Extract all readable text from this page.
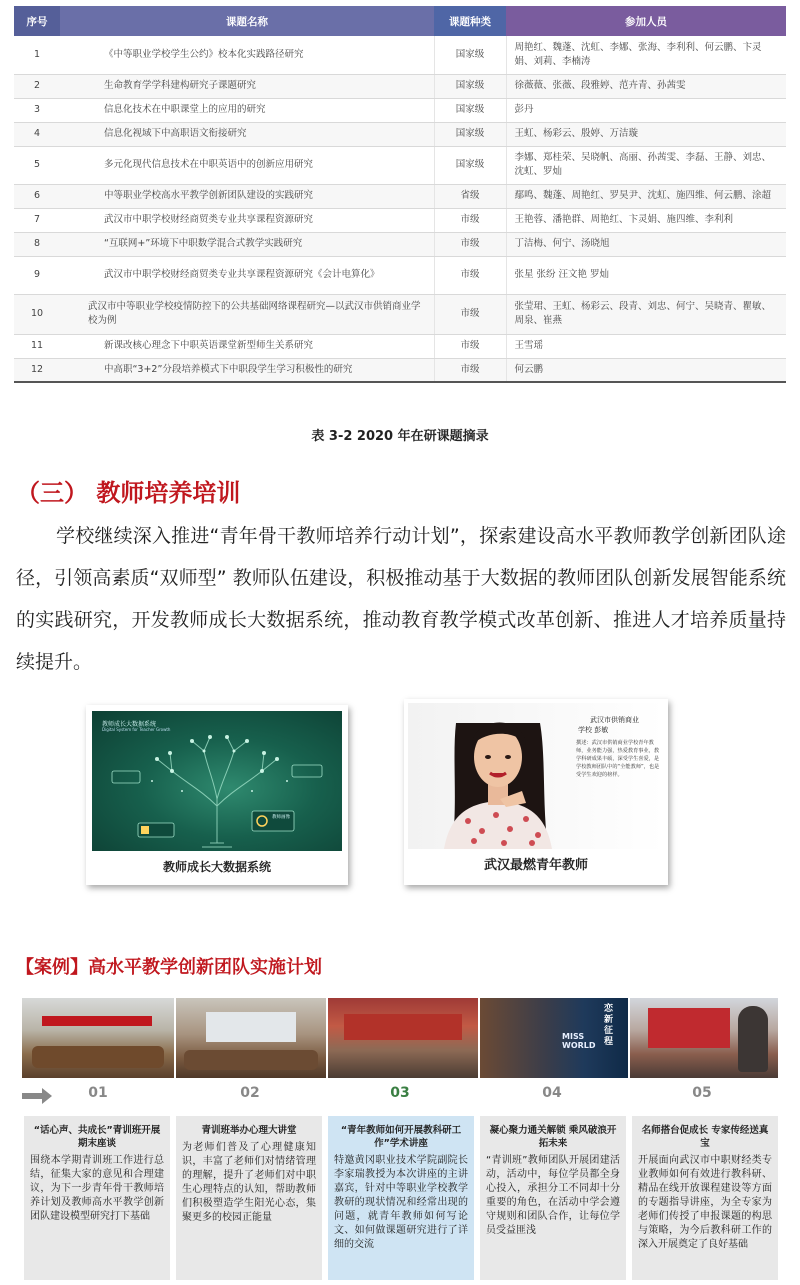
序号	课题名称	课题种类	参加人员
1	《中等职业学校学生公约》校本化实践路径研究	国家级	周艳红、魏蓬、沈虹、李娜、张海、李利利、何云鹏、卞灵娟、刘莉、李楠涛
2	生命教育学学科建构研究子课题研究	国家级	徐薇薇、张薇、段雅婷、范卉青、孙茜雯
3	信息化技术在中职课堂上的应用的研究	国家级	彭丹
4	信息化视域下中高职语文衔接研究	国家级	王虹、杨彩云、殷婷、万洁璇
5	多元化现代信息技术在中职英语中的创新应用研究	国家级	李娜、郑桂荣、吴晓帆、高丽、孙茜雯、李磊、王静、刘忠、沈虹、罗灿
6	中等职业学校高水平教学创新团队建设的实践研究	省级	鄢鸣、魏蓬、周艳红、罗昊尹、沈虹、施四维、何云鹏、涂超
7	武汉市中职学校财经商贸类专业共享课程资源研究	市级	王艳蓉、潘艳群、周艳红、卞灵娟、施四维、李利利
8	“互联网+”环境下中职数学混合式教学实践研究	市级	丁洁梅、何宁、汤晓旭
9	武汉市中职学校财经商贸类专业共享课程资源研究《会计电算化》	市级	张星 张纷 汪文艳 罗灿
10	武汉市中等职业学校疫情防控下的公共基础网络课程研究—以武汉市供销商业学校为例	市级	张莹珺、王虹、杨彩云、段青、刘忠、何宁、吴晓青、瞿敏、周泉、崔燕
11	新课改核心理念下中职英语课堂新型师生关系研究	市级	王雪瑶
12	中高职“3+2”分段培养模式下中职段学生学习积极性的研究	市级	何云鹏
表 3-2 2020 年在研课题摘录
（三） 教师培养培训

学校继续深入推进“青年骨干教师培养行动计划”，探索建设高水平教师教学创新团队途径，引领高素质“双师型” 教师队伍建设，积极推动基于大数据的教师团队创新发展智能系统的实践研究，开发教师成长大数据系统，推动教育教学模式改革创新、推进人才培养质量持续提升。

教师成长大数据系统
Digital System for Teacher Growth
教师画像
教师成长大数据系统
武汉市供销商业
学校 彭敏
撰述：武汉市供销商业学校青年教师，业务能力强，热爱教育事业，教学科研成果丰硕，深受学生喜爱，是学校教师团队中的“全能教师”，也是受学生欢迎的榜样。
武汉最燃青年教师
【案例】高水平教学创新团队实施计划
MISS WORLD
恋新征程
01	02	03	04	05
“话心声、共成长”青训班开展期末座谈
围绕本学期青训班工作进行总结，征集大家的意见和合理建议，为下一步青年骨干教师培养计划及教师高水平教学创新团队建设模型研究打下基础
青训班举办心理大讲堂
为老师们普及了心理健康知识，丰富了老师们对情绪管理的理解，提升了老师们对中职生心理特点的认知，帮助教师们积极塑造学生阳光心态，集聚更多的校园正能量
“青年教师如何开展教科研工作”学术讲座
特邀黄冈职业技术学院副院长李家瑞教授为本次讲座的主讲嘉宾，针对中等职业学校教学教研的现状情况和经常出现的问题，就青年教师如何写论文、如何做课题研究进行了详细的交流
凝心聚力通关解锁 乘风破浪开拓未来
“青训班”教师团队开展团建活动，活动中，每位学员都全身心投入，承担分工不同却十分重要的角色，在活动中学会遵守规则和团队合作，让每位学员受益匪浅
名师搭台促成长 专家传经送真宝
开展面向武汉市中职财经类专业教师如何有效进行教科研、精品在线开放课程建设等方面的专题指导讲座，为全专家为老师们传授了申报课题的构思与策略，为今后教科研工作的深入开展奠定了良好基础
